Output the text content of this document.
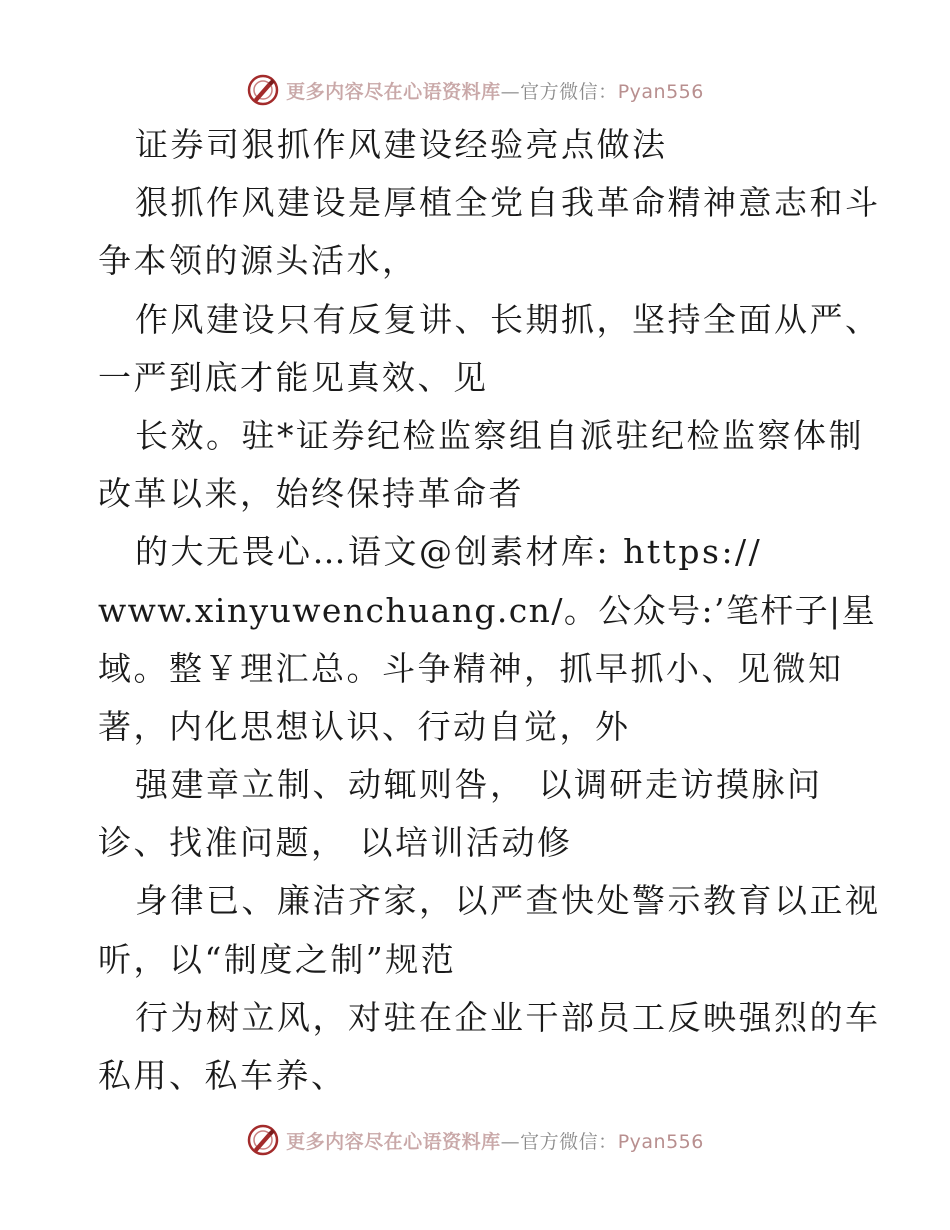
更多内容尽在心语资料库—官方微信：Pyan556
证券司狠抓作风建设经验亮点做法
狠抓作风建设是厚植全党自我革命精神意志和斗
争本领的源头活水，
作风建设只有反复讲、长期抓，坚持全面从严、
一严到底才能见真效、见
长效。驻*证券纪检监察组自派驻纪检监察体制
改革以来，始终保持革命者
的大无畏心…语文@创素材库: https://
www.xinyuwenchuang.cn/。公众号:’笔杆子|星
域。整￥理汇总。斗争精神，抓早抓小、见微知
著，内化思想认识、行动自觉，外
强建章立制、动辄则咎， 以调研走访摸脉问
诊、找准问题， 以培训活动修
身律已、廉洁齐家，以严查快处警示教育以正视
听，以“制度之制”规范
行为树立风，对驻在企业干部员工反映强烈的车
私用、私车养、
更多内容尽在心语资料库—官方微信：Pyan556
